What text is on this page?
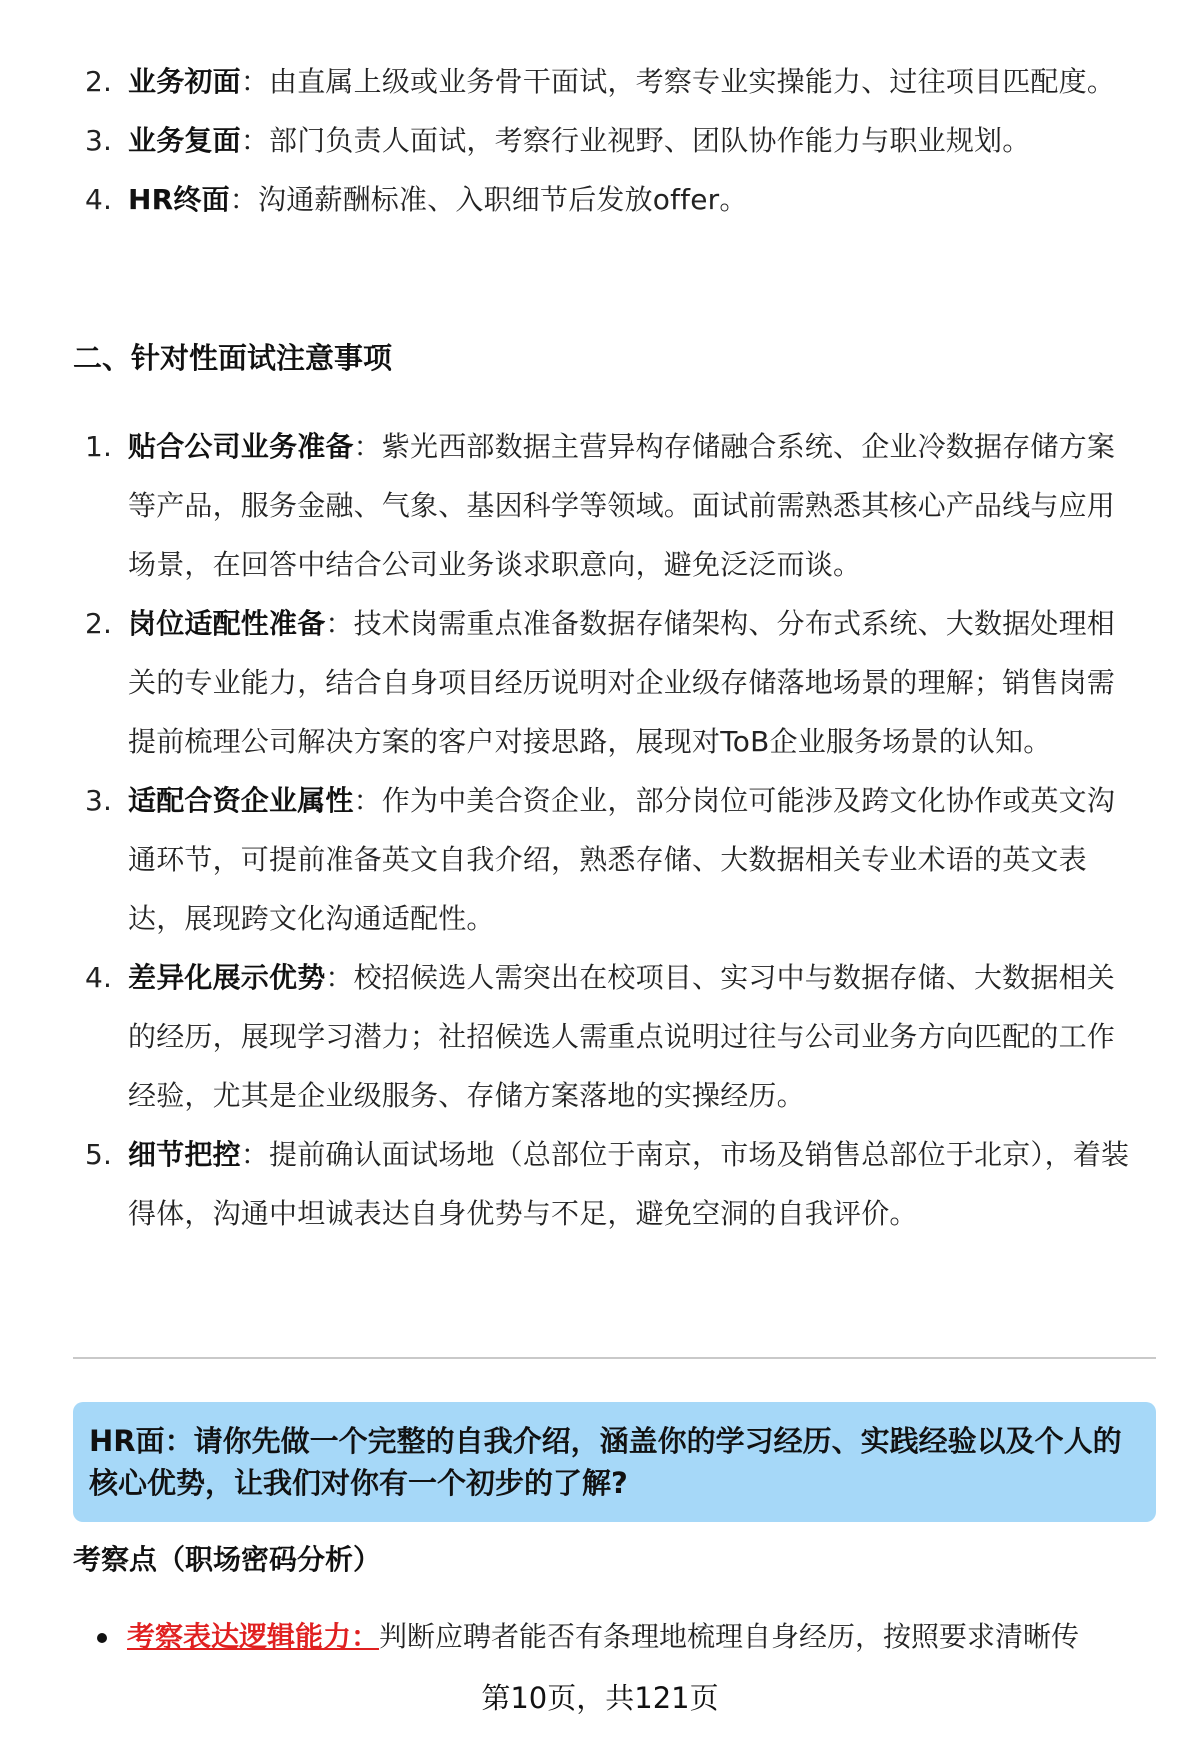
2. 业务初面：由直属上级或业务骨干面试，考察专业实操能力、过往项目匹配度。
3. 业务复面：部门负责人面试，考察行业视野、团队协作能力与职业规划。
4. HR终面：沟通薪酬标准、入职细节后发放offer。
二、针对性面试注意事项
1. 贴合公司业务准备：紫光西部数据主营异构存储融合系统、企业冷数据存储方案等产品，服务金融、气象、基因科学等领域。面试前需熟悉其核心产品线与应用场景，在回答中结合公司业务谈求职意向，避免泛泛而谈。
2. 岗位适配性准备：技术岗需重点准备数据存储架构、分布式系统、大数据处理相关的专业能力，结合自身项目经历说明对企业级存储落地场景的理解；销售岗需提前梳理公司解决方案的客户对接思路，展现对ToB企业服务场景的认知。
3. 适配合资企业属性：作为中美合资企业，部分岗位可能涉及跨文化协作或英文沟通环节，可提前准备英文自我介绍，熟悉存储、大数据相关专业术语的英文表达，展现跨文化沟通适配性。
4. 差异化展示优势：校招候选人需突出在校项目、实习中与数据存储、大数据相关的经历，展现学习潜力；社招候选人需重点说明过往与公司业务方向匹配的工作经验，尤其是企业级服务、存储方案落地的实操经历。
5. 细节把控：提前确认面试场地（总部位于南京，市场及销售总部位于北京），着装得体，沟通中坦诚表达自身优势与不足，避免空洞的自我评价。
HR面：请你先做一个完整的自我介绍，涵盖你的学习经历、实践经验以及个人的核心优势，让我们对你有一个初步的了解?
考察点（职场密码分析）
考察表达逻辑能力：判断应聘者能否有条理地梳理自身经历，按照要求清晰传
第10页，共121页
